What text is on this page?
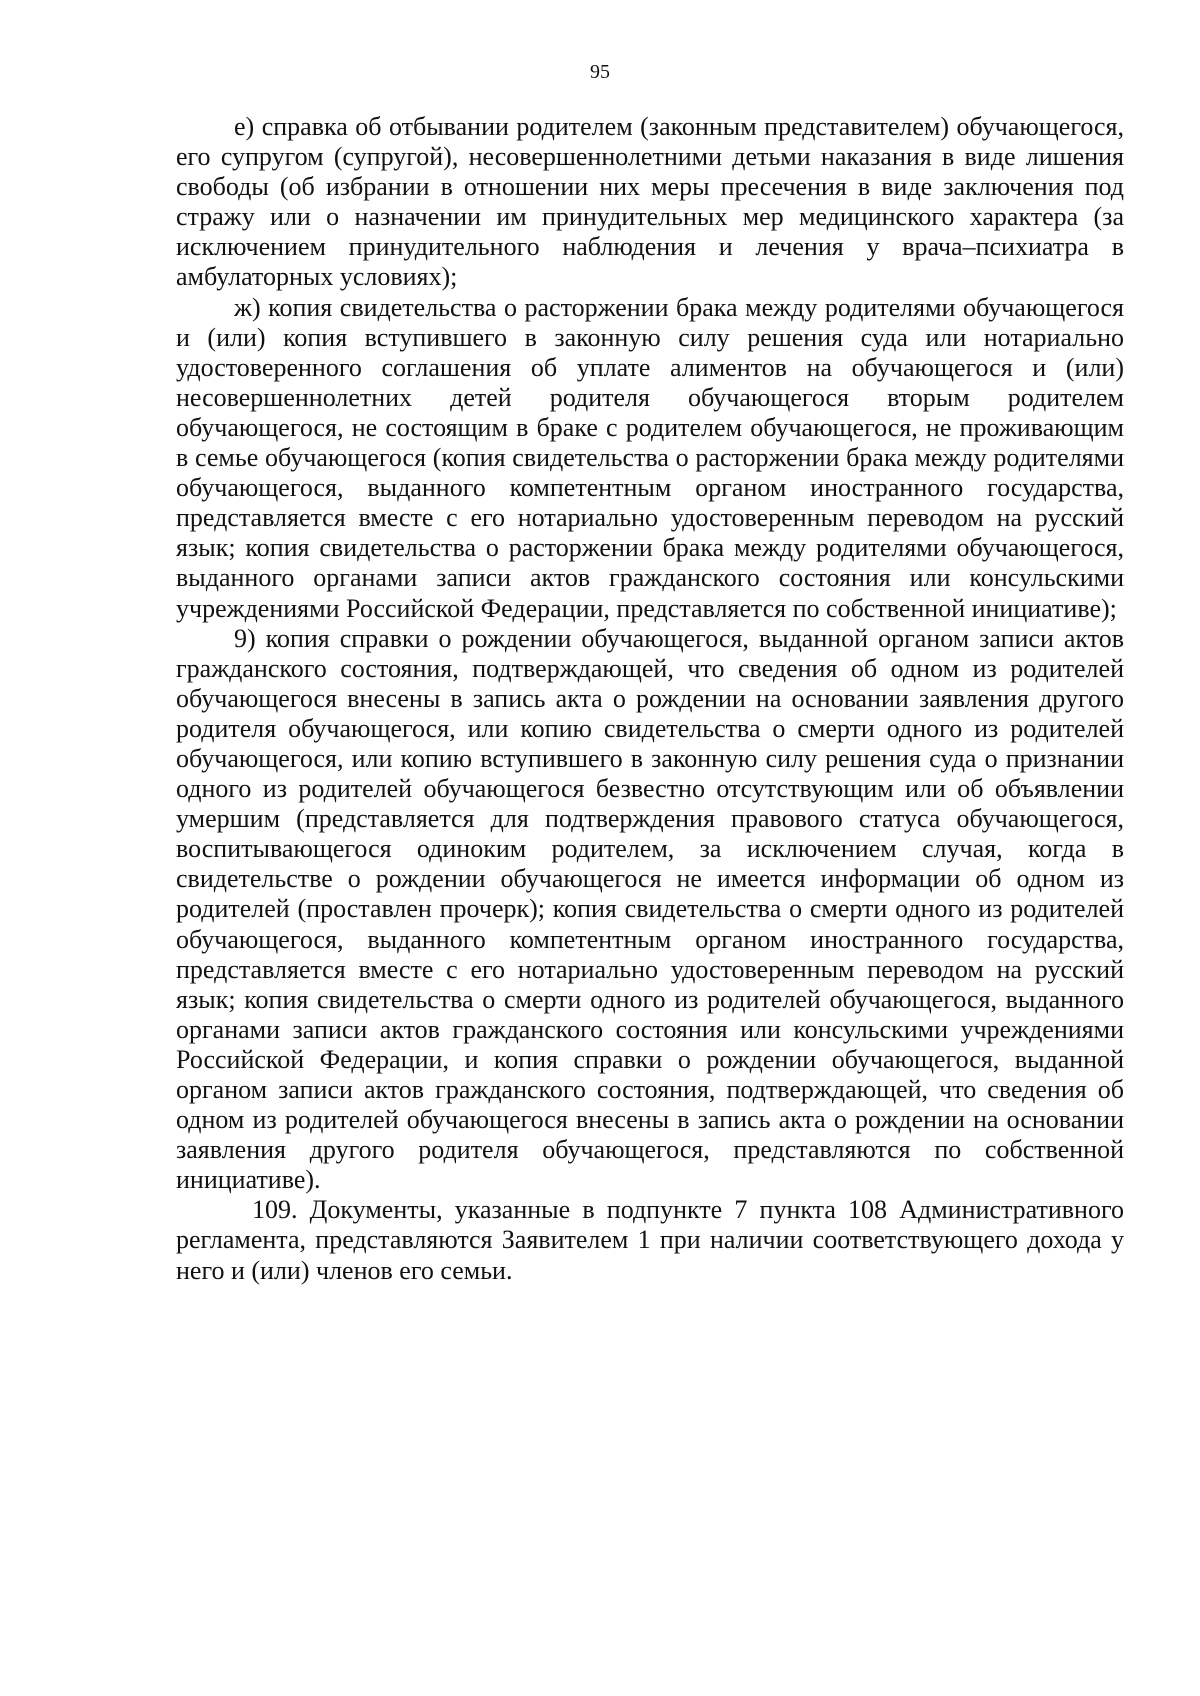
95

е) справка об отбывании родителем (законным представителем) обучающегося, его супругом (супругой), несовершеннолетними детьми наказания в виде лишения свободы (об избрании в отношении них меры пресечения в виде заключения под стражу или о назначении им принудительных мер медицинского характера (за исключением принудительного наблюдения и лечения у врача–психиатра в амбулаторных условиях);

ж) копия свидетельства о расторжении брака между родителями обучающегося и (или) копия вступившего в законную силу решения суда или нотариально удостоверенного соглашения об уплате алиментов на обучающегося и (или) несовершеннолетних детей родителя обучающегося вторым родителем обучающегося, не состоящим в браке с родителем обучающегося, не проживающим в семье обучающегося (копия свидетельства о расторжении брака между родителями обучающегося, выданного компетентным органом иностранного государства, представляется вместе с его нотариально удостоверенным переводом на русский язык; копия свидетельства о расторжении брака между родителями обучающегося, выданного органами записи актов гражданского состояния или консульскими учреждениями Российской Федерации, представляется по собственной инициативе);

9) копия справки о рождении обучающегося, выданной органом записи актов гражданского состояния, подтверждающей, что сведения об одном из родителей обучающегося внесены в запись акта о рождении на основании заявления другого родителя обучающегося, или копию свидетельства о смерти одного из родителей обучающегося, или копию вступившего в законную силу решения суда о признании одного из родителей обучающегося безвестно отсутствующим или об объявлении умершим (представляется для подтверждения правового статуса обучающегося, воспитывающегося одиноким родителем, за исключением случая, когда в свидетельстве о рождении обучающегося не имеется информации об одном из родителей (проставлен прочерк); копия свидетельства о смерти одного из родителей обучающегося, выданного компетентным органом иностранного государства, представляется вместе с его нотариально удостоверенным переводом на русский язык; копия свидетельства о смерти одного из родителей обучающегося, выданного органами записи актов гражданского состояния или консульскими учреждениями Российской Федерации, и копия справки о рождении обучающегося, выданной органом записи актов гражданского состояния, подтверждающей, что сведения об одном из родителей обучающегося внесены в запись акта о рождении на основании заявления другого родителя обучающегося, представляются по собственной инициативе).

109. Документы, указанные в подпункте 7 пункта 108 Административного регламента, представляются Заявителем 1 при наличии соответствующего дохода у него и (или) членов его семьи.
